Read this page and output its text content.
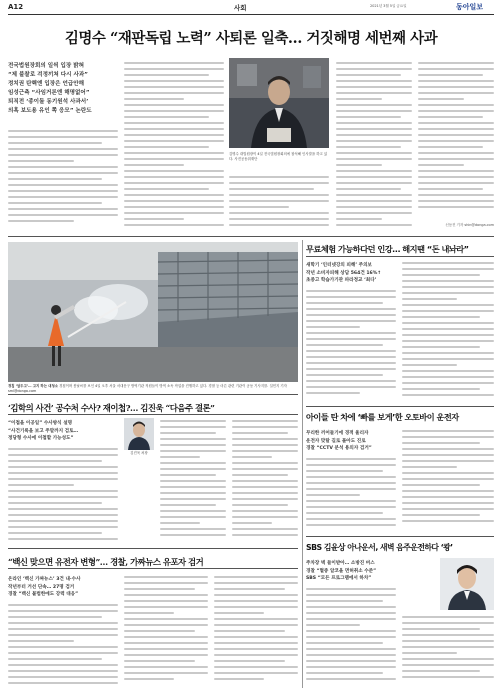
A12	사회	2021년 3월 5일 금요일	동아일보
김명수 “재판독립 노력” 사퇴론 일축… 거짓해명 세번째 사과
전국법원장회의 일씩 입장 밝혀
“제 불찰로 걱정끼쳐 다시 사과”
정치권 탄핵엔 입장은 언급안해
임성근측 “사임거론엔 해명없어”
퇴직전 ‘종이돌 동기원석 사과서’
의혹 보도용 유인 쪽 응모” 논란도
김명수 대법원장이 4일 전국법원장회의에 참석해 인사말을 하고 있다. 사진공동취재단
신동진 기자 shin@donga.com
경칩 ‘달두고’… 고지 하는 대청소 경칩이며 봄날씨를 보인 4일 오후 서울 서대문구 방역기관 직원들이 방역 소독 작업을 진행하고 있다. 경찰 등 마른 관련 기관이 공동 기사지를. 설민지 기자 sml@donga.com
무료체험 가능하다던 인강… 해지땐 “돈 내놔라”
새학기 ‘인터넷강의 피해’ 주의보
작년 소비자피해 상담 564건 16%↑
초중고 학습가기관 파라정교 ‘최다’
아이들 탄 차에 ‘빠를 보게’한 오토바이 운전자
무리한 끼어들기에 경적 울리자
운전자 맞탈 길로 몰아도 진로
경찰 “CCTV 분석 용의자 검거”
SBS 김윤상 아나운서, 새벽 음주운전하다 ‘쾅’
주차장 벽 들이받아… 소방진 버스
경찰 “혈중 알코올 면허취소 수준”
SBS “모든 프로그램에서 하차”
‘김학의 사건’ 공수처 수사? 재이첩?… 김진욱 “다음주 결론”
“이첩을 이공일” 수사방식 설명
“사건기록을 보고 주말까지 검토…
정당형 수사에 이첩할 가능성도”
김진욱 처장
“백신 맞으면 유전자 변형”… 경찰, 가짜뉴스 유포자 검거
온라인 ‘백신 가짜뉴스’ 3건 내·수사
작년부터 거선 단속… 27명 검거
경찰 “백신 불법한에도 강력 대응”
